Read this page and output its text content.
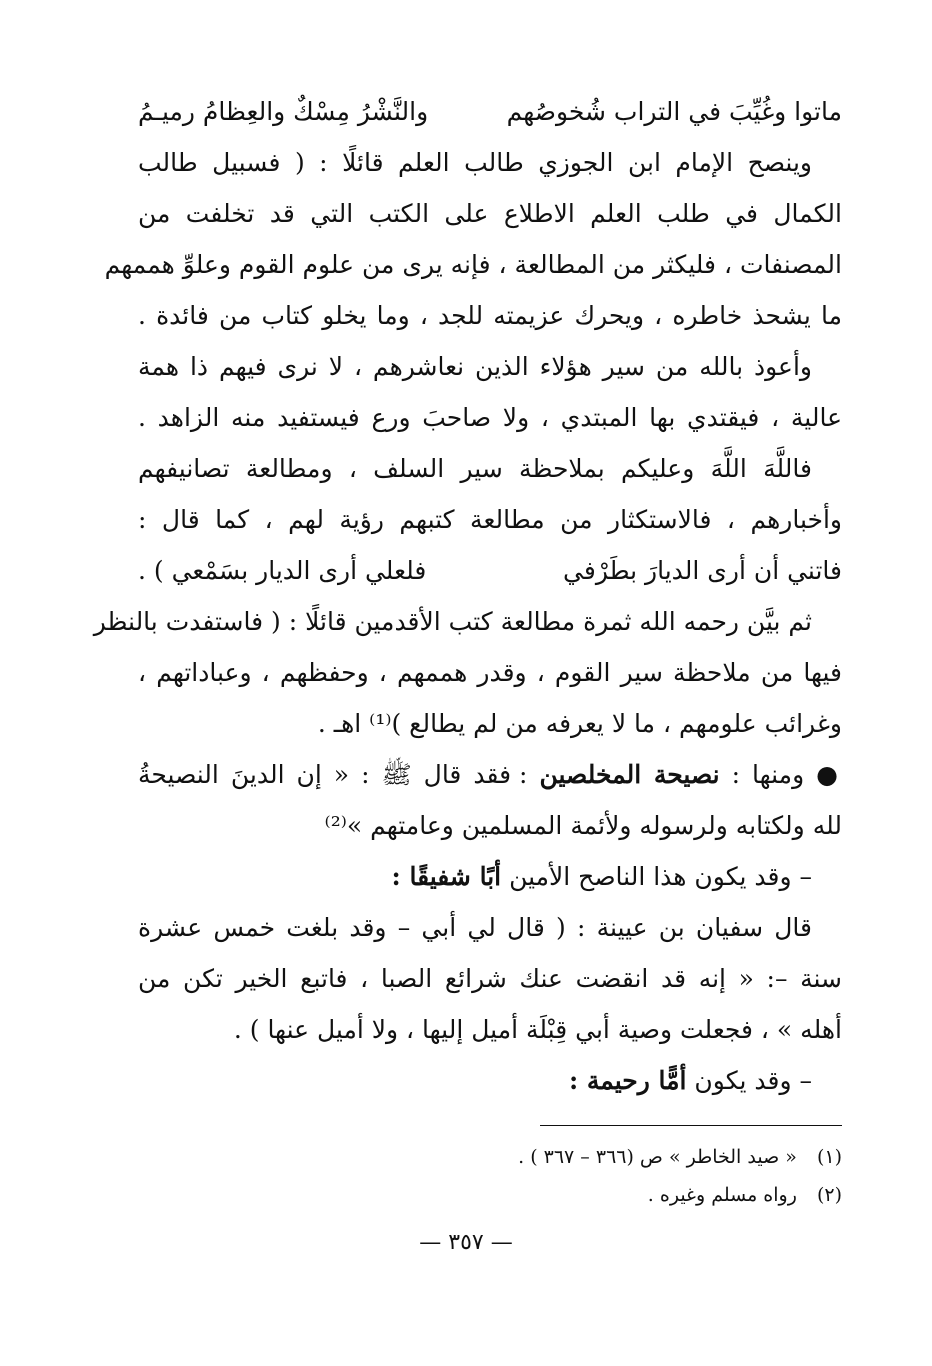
ماتوا وغُيِّبَ في التراب شُخوصُهم
والنَّشْرُ مِسْكٌ والعِظامُ رميـمُ
وينصح الإمام ابن الجوزي طالب العلم قائلًا : ( فسبيل طالب
الكمال في طلب العلم الاطلاع على الكتب التي قد تخلفت من
المصنفات ، فليكثر من المطالعة ، فإنه يرى من علوم القوم وعلوِّ هممهم
ما يشحذ خاطره ، ويحرك عزيمته للجد ، وما يخلو كتاب من فائدة .
وأعوذ بالله من سير هؤلاء الذين نعاشرهم ، لا نرى فيهم ذا همة
عالية ، فيقتدي بها المبتدي ، ولا صاحبَ ورع فيستفيد منه الزاهد .
فاللَّهَ اللَّهَ وعليكم بملاحظة سير السلف ، ومطالعة تصانيفهم
وأخبارهم ، فالاستكثار من مطالعة كتبهم رؤية لهم ، كما قال :
فاتني أن أرى الديارَ بطَرْفي
فلعلي أرى الديار بسَمْعي ) .
ثم بيَّن رحمه الله ثمرة مطالعة كتب الأقدمين قائلًا : ( فاستفدت بالنظر
فيها من ملاحظة سير القوم ، وقدر هممهم ، وحفظهم ، وعباداتهم ،
وغرائب علومهم ، ما لا يعرفه من لم يطالع )⁽¹⁾ اهـ .
● ومنها : نصيحة المخلصين : فقد قال ﷺ : « إن الدينَ النصيحةُ
لله ولكتابه ولرسوله ولأئمة المسلمين وعامتهم »⁽²⁾
– وقد يكون هذا الناصح الأمين أبًا شفيقًا :
قال سفيان بن عيينة : ( قال لي أبي – وقد بلغت خمس عشرة
سنة –: « إنه قد انقضت عنك شرائع الصبا ، فاتبع الخير تكن من
أهله » ، فجعلت وصية أبي قِبْلَة أميل إليها ، ولا أميل عنها ) .
– وقد يكون أمًّا رحيمة :
(١) « صيد الخاطر » ص (٣٦٦ – ٣٦٧ ) .
(٢) رواه مسلم وغيره .
— ٣٥٧ —
